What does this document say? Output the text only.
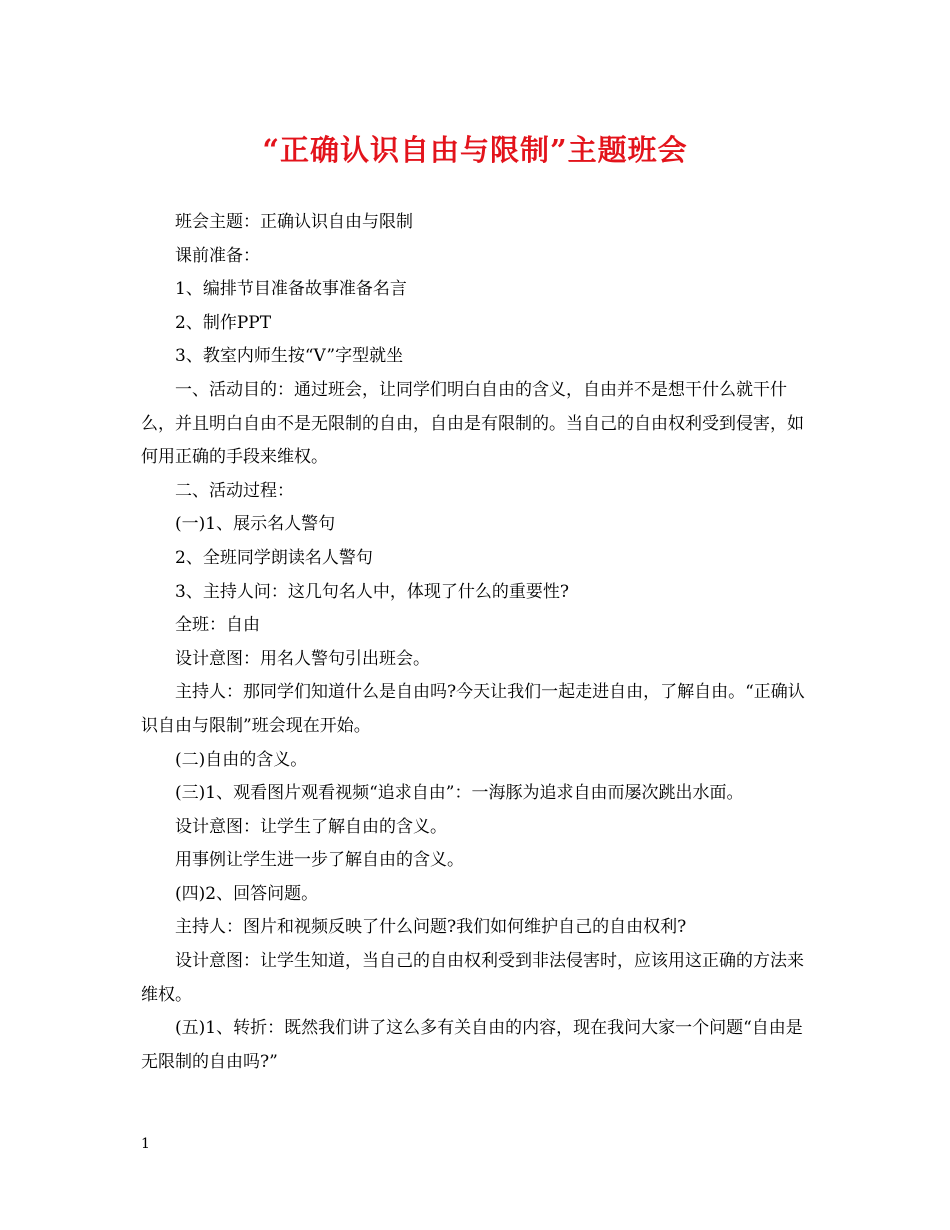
“正确认识自由与限制”主题班会

班会主题：正确认识自由与限制

课前准备：

1、编排节目准备故事准备名言

2、制作PPT

3、教室内师生按“V”字型就坐

一、活动目的：通过班会，让同学们明白自由的含义，自由并不是想干什么就干什么，并且明白自由不是无限制的自由，自由是有限制的。当自己的自由权利受到侵害，如何用正确的手段来维权。

二、活动过程：

(一)1、展示名人警句

2、全班同学朗读名人警句

3、主持人问：这几句名人中，体现了什么的重要性?

全班：自由

设计意图：用名人警句引出班会。

主持人：那同学们知道什么是自由吗?今天让我们一起走进自由，了解自由。“正确认识自由与限制”班会现在开始。

(二)自由的含义。

(三)1、观看图片观看视频“追求自由”：一海豚为追求自由而屡次跳出水面。

设计意图：让学生了解自由的含义。

用事例让学生进一步了解自由的含义。

(四)2、回答问题。

主持人：图片和视频反映了什么问题?我们如何维护自己的自由权利?

设计意图：让学生知道，当自己的自由权利受到非法侵害时，应该用这正确的方法来维权。

(五)1、转折：既然我们讲了这么多有关自由的内容，现在我问大家一个问题“自由是无限制的自由吗?”

1
